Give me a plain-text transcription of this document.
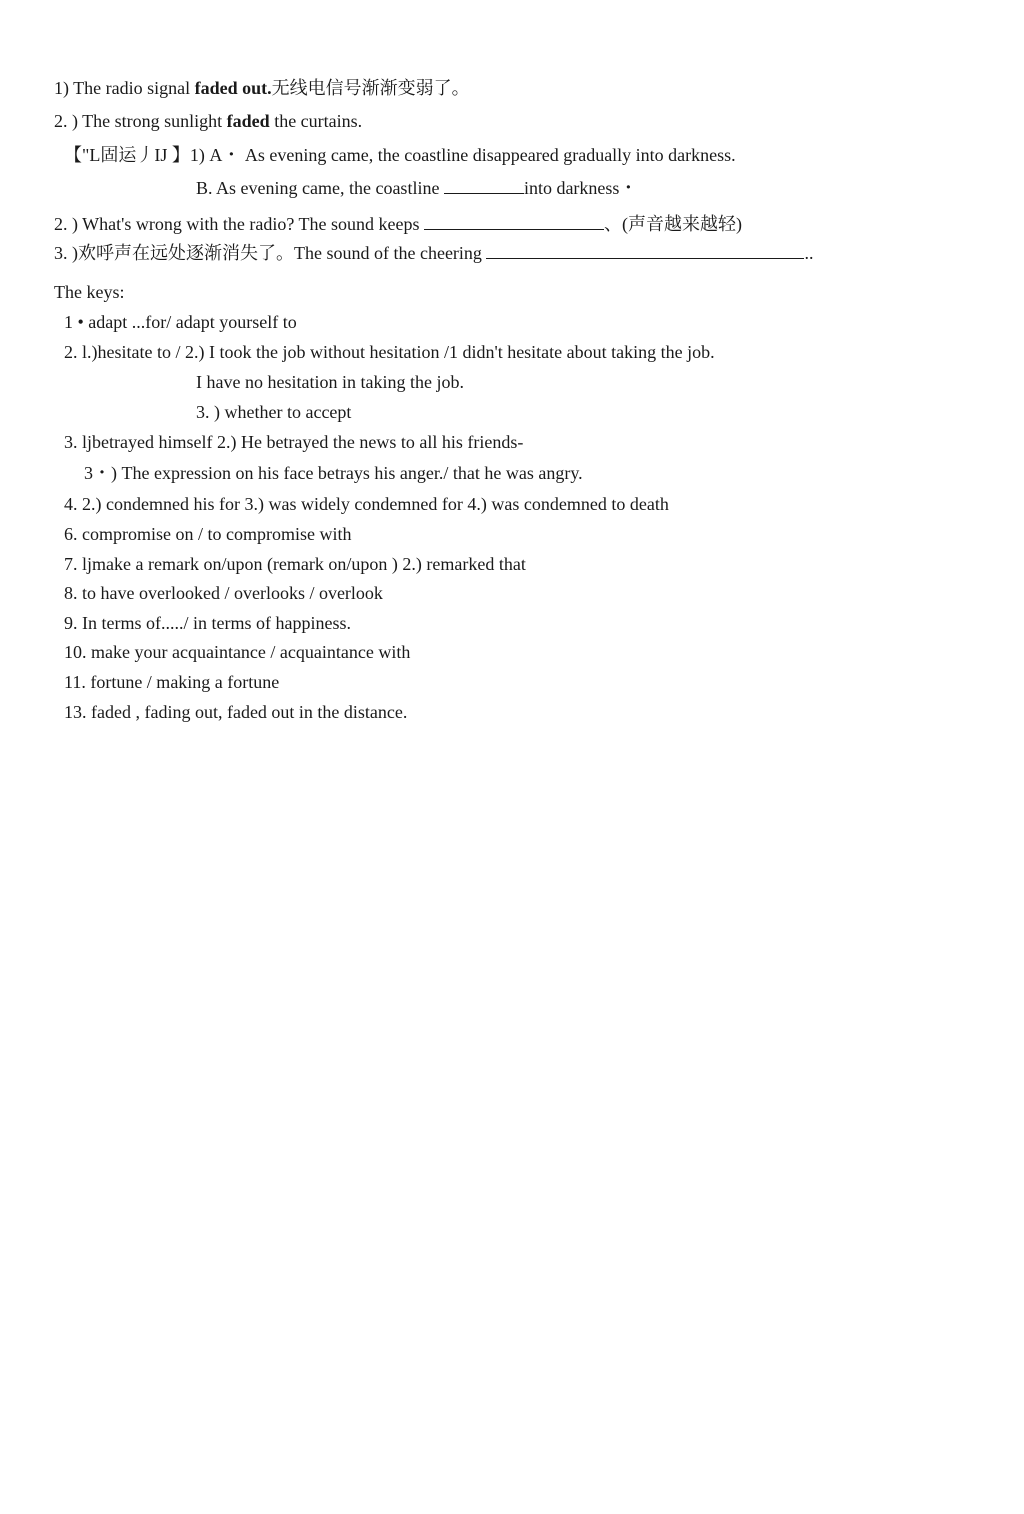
1) The radio signal faded out.无线电信号渐渐变弱了。
2. ) The strong sunlight faded the curtains.
【"L固运丿IJ 】1) A・ As evening came, the coastline disappeared gradually into darkness.
B. As evening came, the coastline	into darkness・
2. ) What's wrong with the radio? The sound keeps	、(声音越来越轻)
3. )欢呼声在远处逐渐消失了。The sound of the cheering	..
The keys:
1 • adapt ...for/ adapt yourself to
2. l.)hesitate to / 2.) I took the job without hesitation /1 didn't hesitate about taking the job.
I have no hesitation in taking the job.
3. ) whether to accept
3. ljbetrayed himself 2.) He betrayed the news to all his friends-
3・) The expression on his face betrays his anger./ that he was angry.
4. 2.) condemned his for 3.) was widely condemned for 4.) was condemned to death
6. compromise on / to compromise with
7. ljmake a remark on/upon (remark on/upon ) 2.) remarked that
8. to have overlooked / overlooks / overlook
9. In terms of...../ in terms of happiness.
10. make your acquaintance / acquaintance with
11. fortune / making a fortune
13. faded , fading out, faded out in the distance.
